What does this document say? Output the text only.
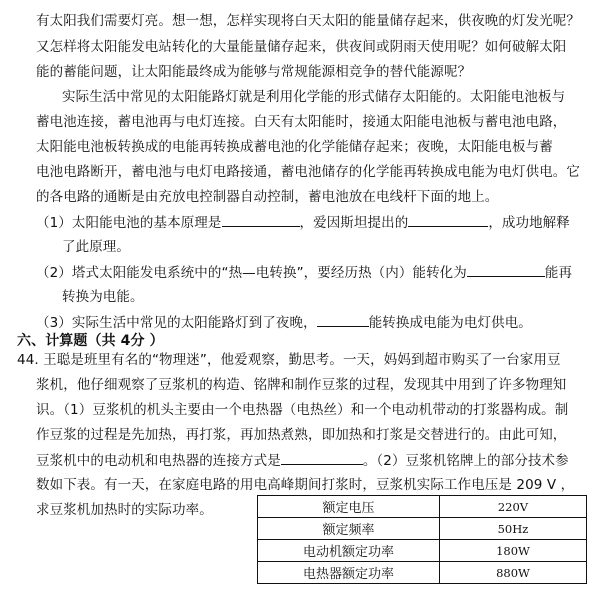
有太阳我们需要灯亮。想一想，怎样实现将白天太阳的能量储存起来，供夜晚的灯发光呢？
又怎样将太阳能发电站转化的大量能量储存起来，供夜间或阴雨天使用呢？如何破解太阳
能的蓄能问题，让太阳能最终成为能够与常规能源相竞争的替代能源呢？
实际生活中常见的太阳能路灯就是利用化学能的形式储存太阳能的。太阳能电池板与
蓄电池连接，蓄电池再与电灯连接。白天有太阳能时，接通太阳能电池板与蓄电池电路，
太阳能电池板转换成的电能再转换成蓄电池的化学能储存起来；夜晚，太阳能电板与蓄
电池电路断开，蓄电池与电灯电路接通，蓄电池储存的化学能再转换成电能为电灯供电。它
的各电路的通断是由充放电控制器自动控制，蓄电池放在电线杆下面的地上。
（1）太阳能电池的基本原理是	，爱因斯坦提出的	，成功地解释
了此原理。
（2）塔式太阳能发电系统中的“热—电转换”，要经历热（内）能转化为	能再
转换为电能。
（3）实际生活中常见的太阳能路灯到了夜晚，	能转换成电能为电灯供电。
六、计算题（共 4分 ）
44. 王聪是班里有名的“物理迷”，他爱观察，勤思考。一天，妈妈到超市购买了一台家用豆
浆机，他仔细观察了豆浆机的构造、铭牌和制作豆浆的过程，发现其中用到了许多物理知
识。（1）豆浆机的机头主要由一个电热器（电热丝）和一个电动机带动的打浆器构成。制
作豆浆的过程是先加热，再打浆，再加热煮熟，即加热和打浆是交替进行的。由此可知，
豆浆机中的电动机和电热器的连接方式是	。（2）豆浆机铭牌上的部分技术参
数如下表。有一天，在家庭电路的用电高峰期间打浆时，豆浆机实际工作电压是 209 V ，
求豆浆机加热时的实际功率。	额定电压	220V
额定频率	50Hz
电动机额定功率	180W
电热器额定功率	880W
